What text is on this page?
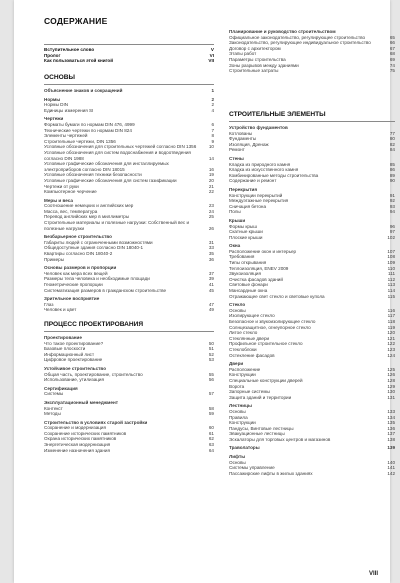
СОДЕРЖАНИЕ
Вступительное слово	V
Пролог	VI
Как пользоваться этой книгой	VII
ОСНОВЫ
Объяснение знаков и сокращений	1
Нормы	2
Нормы DIN	2
Единицы измерения SI	4
Чертежи
Форматы бумаги по нормам DIN 476, 4999	6
Технические чертежи по нормам DIN 824	7
Элементы чертежей	8
Строительные чертежи, DIN 1356	9
Условные обозначения для строительных чертежей согласно DIN 1356	10
Условные обозначения для систем водоснабжения и водоотведения согласно DIN 1988	14
Условные графические обозначения для инсталлируемых электроприборов согласно DIN 18015	16
Условные обозначения техники безопасности	19
Условные графические обозначения для систем газификации	20
Чертежи от руки	21
Компьютерное черчение	22
Меры и веса
Соотношение немецких и английских мер	23
Масса, вес, температура	24
Перевод английских мер в миллиметры	25
Строительные материалы и полезные нагрузки: Собственный вес и полезные нагрузки	26
Безбарьерное строительство
Габариты людей с ограниченными возможностями	31
Общедоступные здания согласно DIN 18040-1	33
Квартиры согласно DIN 18040-2	35
Примеры	36
Основы размеров и пропорции
Человек как мера всех вещей	37
Размеры тела человека и необходимые площади	39
Геометрические пропорции	41
Систематизация размеров в гражданском строительстве	45
Зрительное восприятие
Глаз	47
Человек и цвет	49
ПРОЦЕСС ПРОЕКТИРОВАНИЯ
Проектирование
Что такое проектирование?	50
Базовые плоскости	51
Информационный лист	52
Цифровое проектирование	53
Устойчивое строительство
Общая часть, проектирование, строительство	55
Использование, утилизация	56
Сертификация
Системы	57
Эксплуатационный менеджмент
Контекст	58
Методы	59
Строительство в условиях старой застройки
Сохранение и модернизация	60
Сохранение исторических памятников	61
Охрана исторических памятников	62
Энергетическая модернизация	63
Изменение назначения здания	64
Планирование и руководство строительством
Официальное законодательство, регулирующее строительство	65
Законодательство, регулирующее индивидуальное строительство	66
Договор с архитектором	67
Этапы работ	68
Параметры строительства	69
Зоны разрывов между зданиями	74
Строительные затраты	75
СТРОИТЕЛЬНЫЕ ЭЛЕМЕНТЫ
Устройство фундаментов
Котлованы	77
Фундаменты	80
Изоляция, Дренаж	82
Ремонт	84
Стены
Кладка из природного камня	85
Кладка из искусственного камня	86
Комбинированные методы строительства	89
Содержание и ремонт	90
Перекрытия
Конструкции перекрытий	91
Междуэтажные перекрытия	92
Сничация бетона	93
Полы	94
Крыши
Формы крыш	96
Скатные крыши	97
Плоские крыши	102
Окна
Расположение окон и интерьер	107
Требования	108
Типы открывания	109
Теплоизоляция, ENEV 2009	110
Звукоизоляция	111
Очистка фасадов зданий	112
Световые фонари	113
Мансардные окна	114
Отражающее свет стекло и световые купола	115
Стекло
Основы	116
Изолирующее стекло	117
Безопасное и звукоизолирующее стекло	118
Солнцезащитное, огнеупорное стекло	119
Литое стекло	120
Стеклянные двери	121
Профильное строительное стекло	122
Стеклоблоки	123
Остекление фасадов	124
Двери
Расположение	125
Конструкции	126
Специальные конструкции дверей	128
Ворота	129
Запорные системы	130
Защита зданий и территории	131
Лестницы
Основы	133
Правила	134
Конструкции	135
Пандусы, Винтовые лестницы	136
Эвакуационные лестницы	137
Эскалаторы для торговых центров и магазинов	138
Траволаторы	139
Лифты
Основы	140
Системы управление	141
Пассажирские лифты в жилых зданиях	142
VIII
